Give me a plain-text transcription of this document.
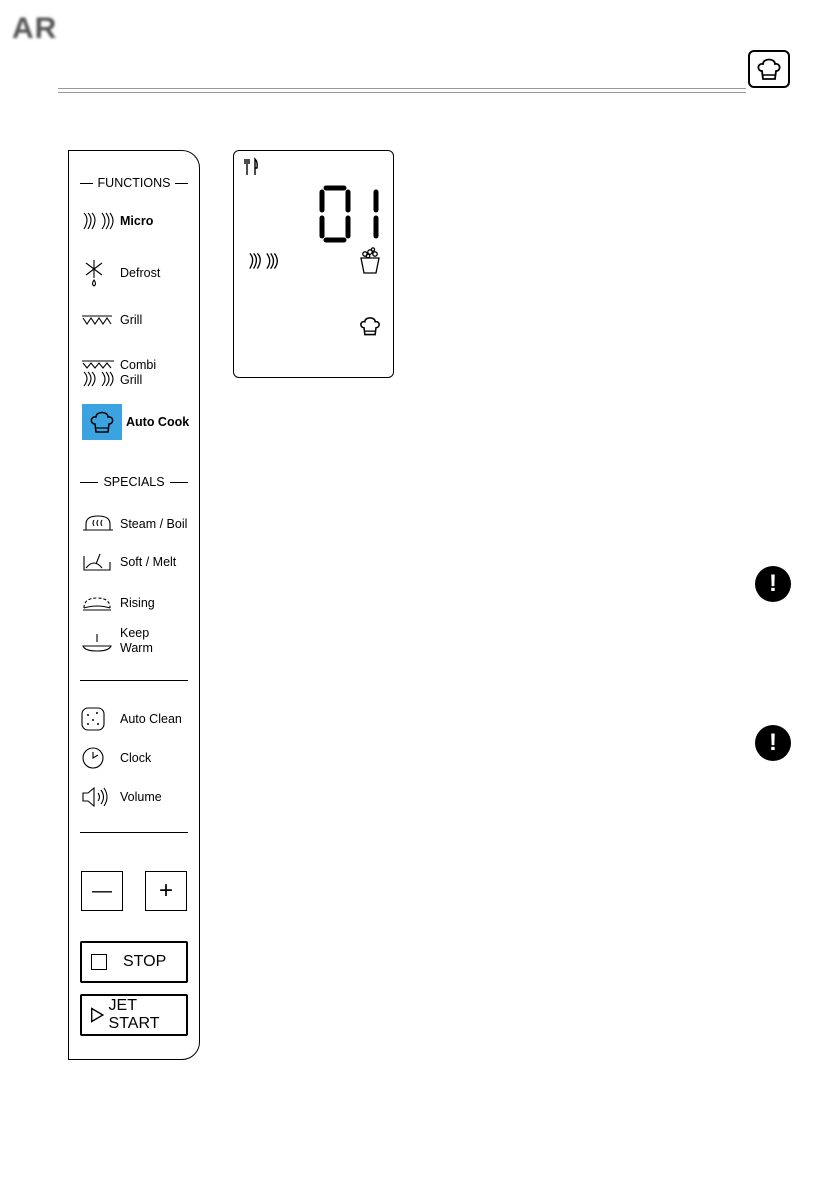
AR
FUNCTIONS
Micro
Defrost
Grill
Combi
Grill
Auto Cook
SPECIALS
Steam / Boil
Soft / Melt
Rising
Keep
Warm
Auto Clean
Clock
Volume
— +
STOP
JET START
!
!
